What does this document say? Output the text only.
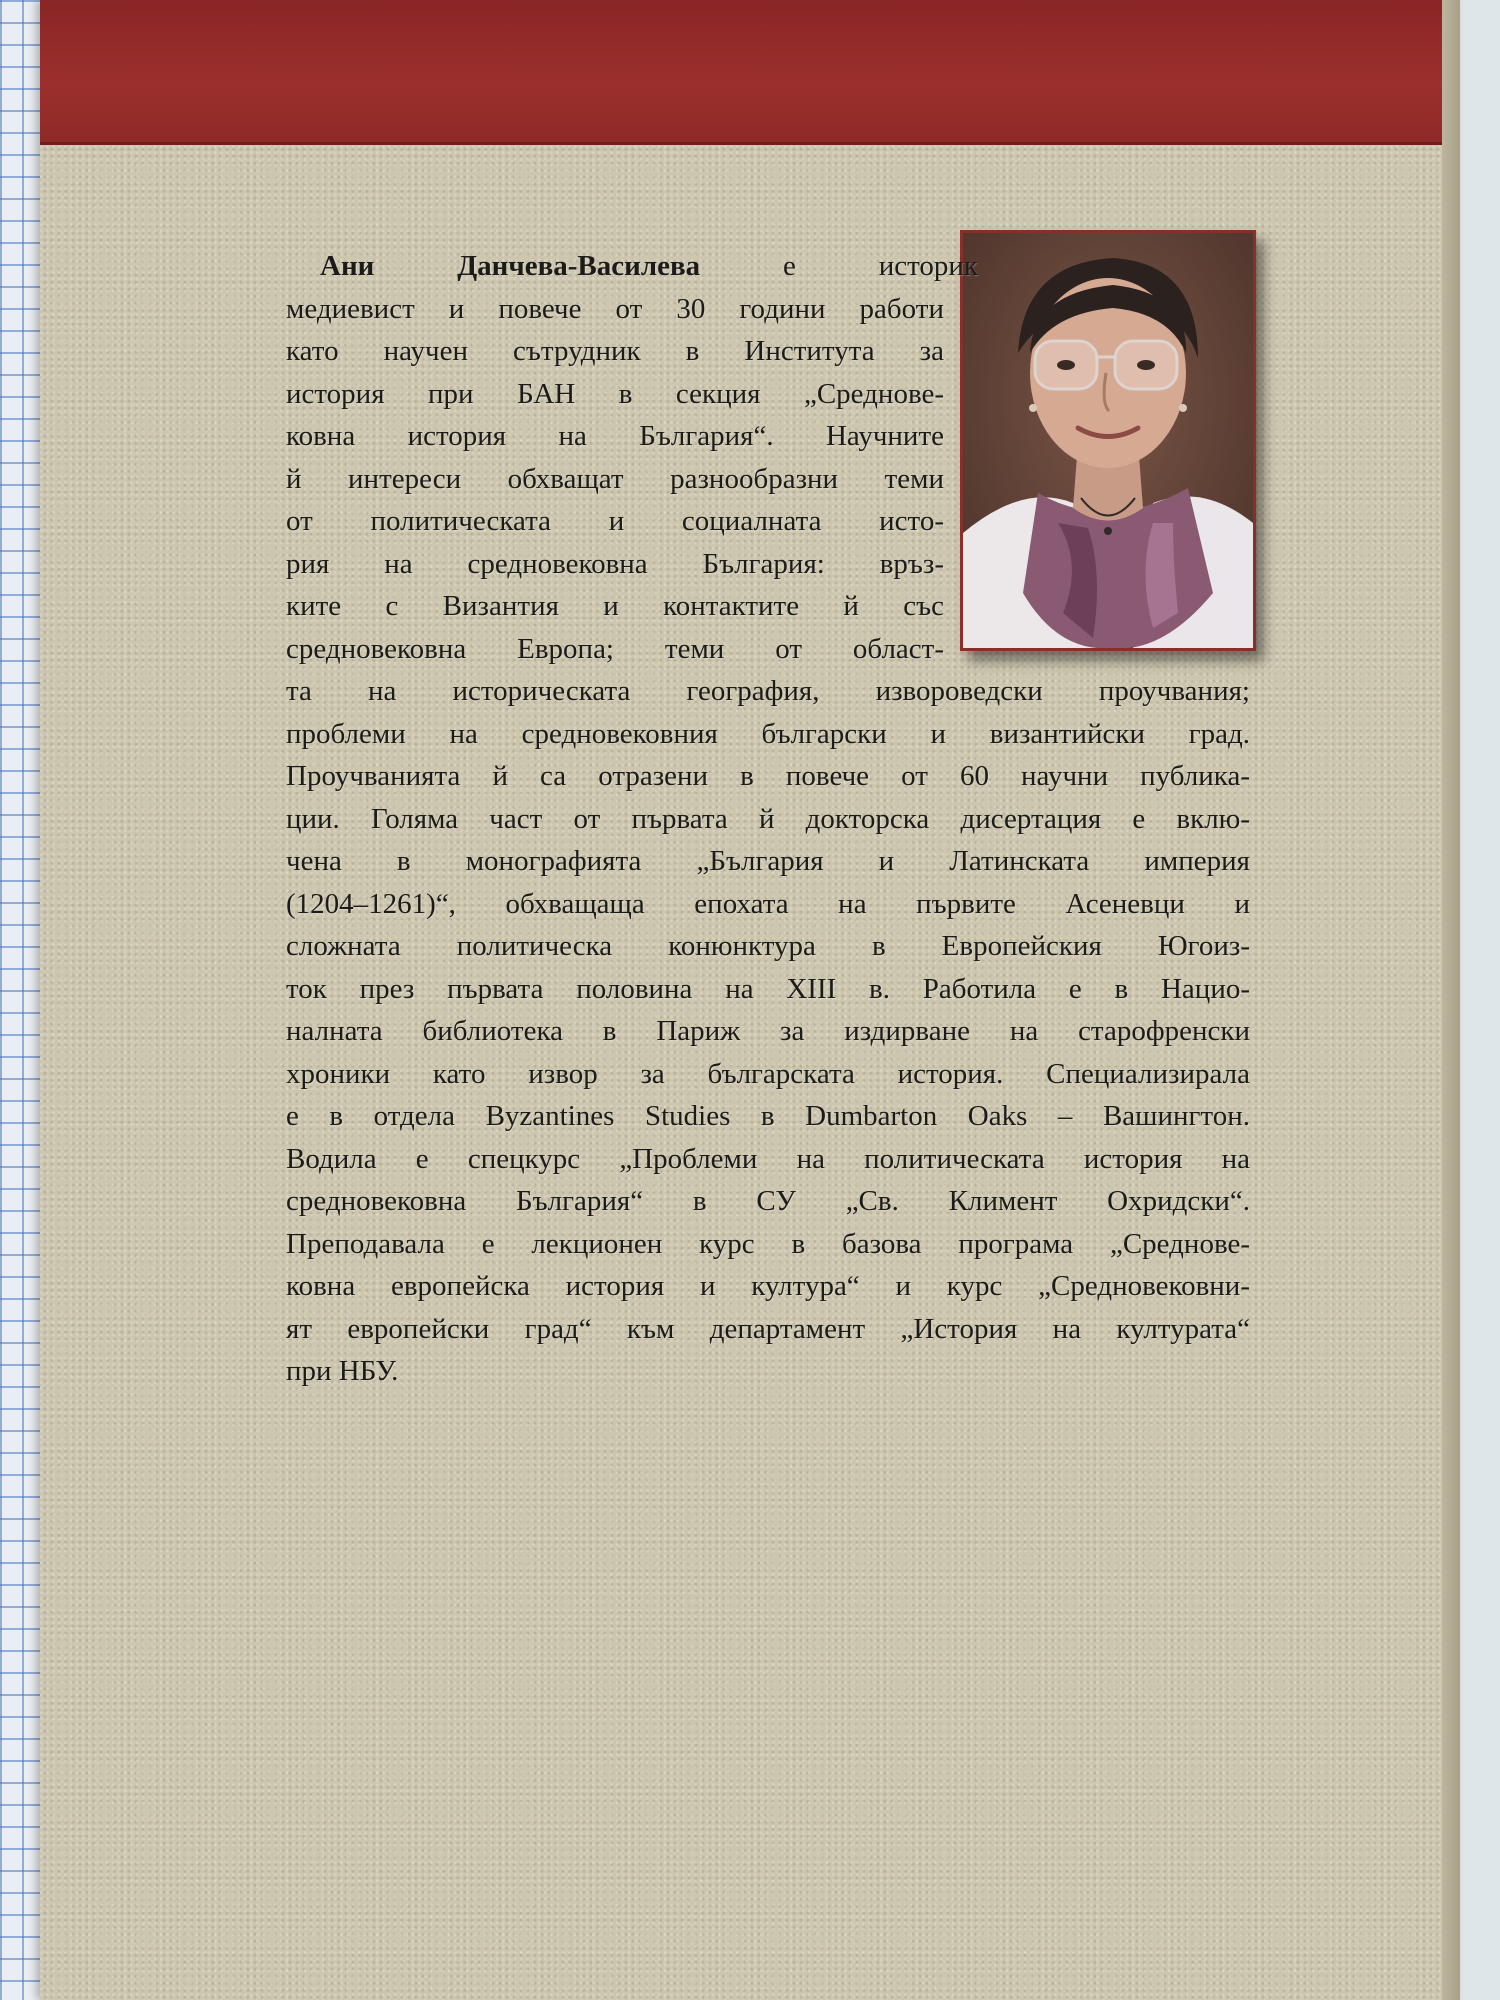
Ани Данчева-Василева е историк
медиевист и повече от 30 години работи
като научен сътрудник в Института за
история при БАН в секция „Среднове-
ковна история на България“. Научните
й интереси обхващат разнообразни теми
от политическата и социалната исто-
рия на средновековна България: връз-
ките с Византия и контактите й със
средновековна Европа; теми от област-
та на историческата география, извороведски проучвания;
проблеми на средновековния български и византийски град.
Проучванията й са отразени в повече от 60 научни публика-
ции. Голяма част от първата й докторска дисертация е вклю-
чена в монографията „България и Латинската империя
(1204–1261)“, обхващаща епохата на първите Асеневци и
сложната политическа конюнктура в Европейския Югоиз-
ток през първата половина на XIII в. Работила е в Нацио-
налната библиотека в Париж за издирване на старофренски
хроники като извор за българската история. Специализирала
е в отдела Byzantines Studies в Dumbarton Oaks – Вашингтон.
Водила е спецкурс „Проблеми на политическата история на
средновековна България“ в СУ „Св. Климент Охридски“.
Преподавала е лекционен курс в базова програма „Среднове-
ковна европейска история и култура“ и курс „Средновековни-
ят европейски град“ към департамент „История на културата“
при НБУ.
